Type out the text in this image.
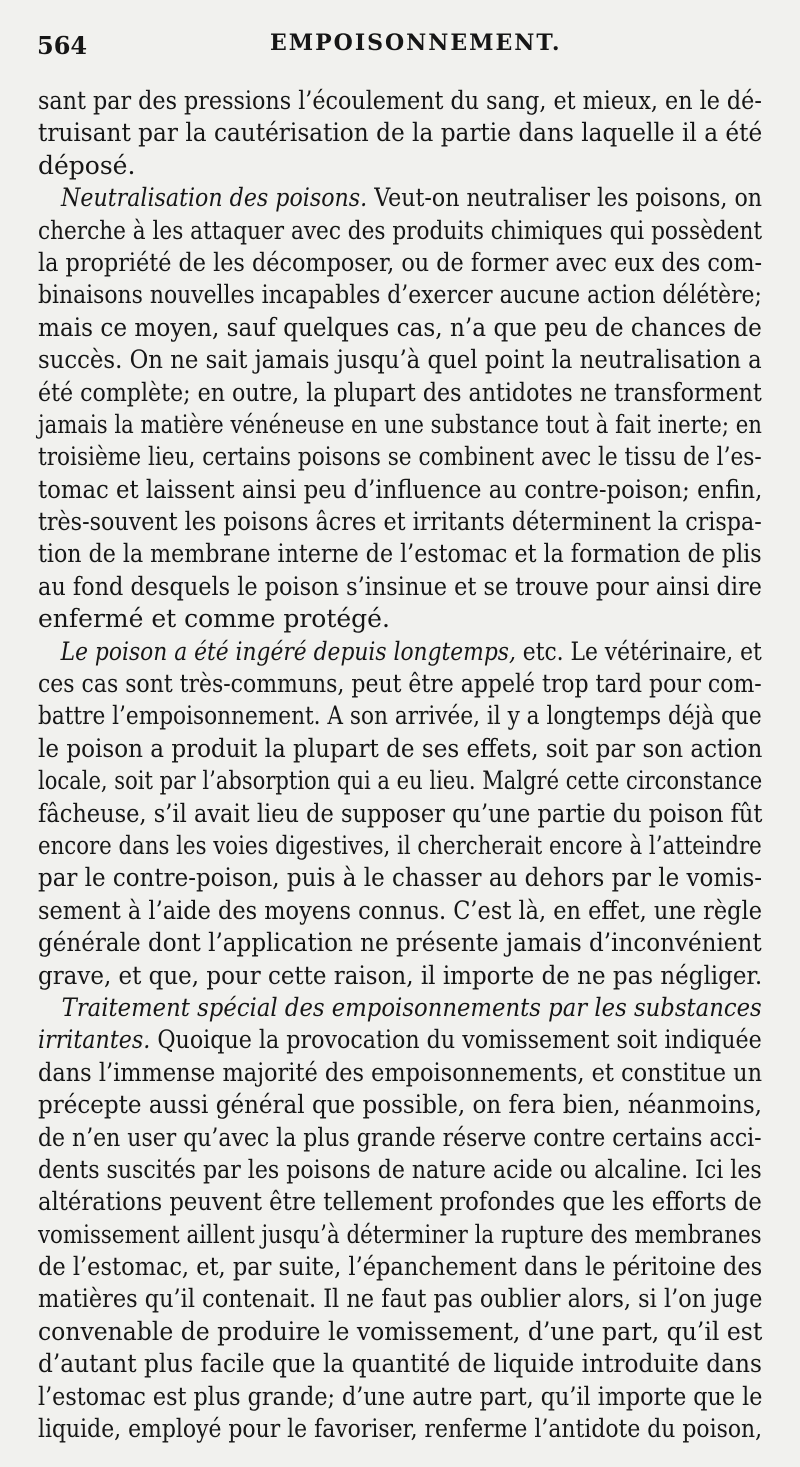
564	EMPOISONNEMENT.
sant par des pressions l’écoulement du sang, et mieux, en le dé-
truisant par la cautérisation de la partie dans laquelle il a été
déposé.
Neutralisation des poisons. Veut-on neutraliser les poisons, on
cherche à les attaquer avec des produits chimiques qui possèdent
la propriété de les décomposer, ou de former avec eux des com-
binaisons nouvelles incapables d’exercer aucune action délétère;
mais ce moyen, sauf quelques cas, n’a que peu de chances de
succès. On ne sait jamais jusqu’à quel point la neutralisation a
été complète; en outre, la plupart des antidotes ne transforment
jamais la matière vénéneuse en une substance tout à fait inerte; en
troisième lieu, certains poisons se combinent avec le tissu de l’es-
tomac et laissent ainsi peu d’influence au contre-poison; enfin,
très-souvent les poisons âcres et irritants déterminent la crispa-
tion de la membrane interne de l’estomac et la formation de plis
au fond desquels le poison s’insinue et se trouve pour ainsi dire
enfermé et comme protégé.
Le poison a été ingéré depuis longtemps, etc. Le vétérinaire, et
ces cas sont très-communs, peut être appelé trop tard pour com-
battre l’empoisonnement. A son arrivée, il y a longtemps déjà que
le poison a produit la plupart de ses effets, soit par son action
locale, soit par l’absorption qui a eu lieu. Malgré cette circonstance
fâcheuse, s’il avait lieu de supposer qu’une partie du poison fût
encore dans les voies digestives, il chercherait encore à l’atteindre
par le contre-poison, puis à le chasser au dehors par le vomis-
sement à l’aide des moyens connus. C’est là, en effet, une règle
générale dont l’application ne présente jamais d’inconvénient
grave, et que, pour cette raison, il importe de ne pas négliger.
Traitement spécial des empoisonnements par les substances
irritantes. Quoique la provocation du vomissement soit indiquée
dans l’immense majorité des empoisonnements, et constitue un
précepte aussi général que possible, on fera bien, néanmoins,
de n’en user qu’avec la plus grande réserve contre certains acci-
dents suscités par les poisons de nature acide ou alcaline. Ici les
altérations peuvent être tellement profondes que les efforts de
vomissement aillent jusqu’à déterminer la rupture des membranes
de l’estomac, et, par suite, l’épanchement dans le péritoine des
matières qu’il contenait. Il ne faut pas oublier alors, si l’on juge
convenable de produire le vomissement, d’une part, qu’il est
d’autant plus facile que la quantité de liquide introduite dans
l’estomac est plus grande; d’une autre part, qu’il importe que le
liquide, employé pour le favoriser, renferme l’antidote du poison,
